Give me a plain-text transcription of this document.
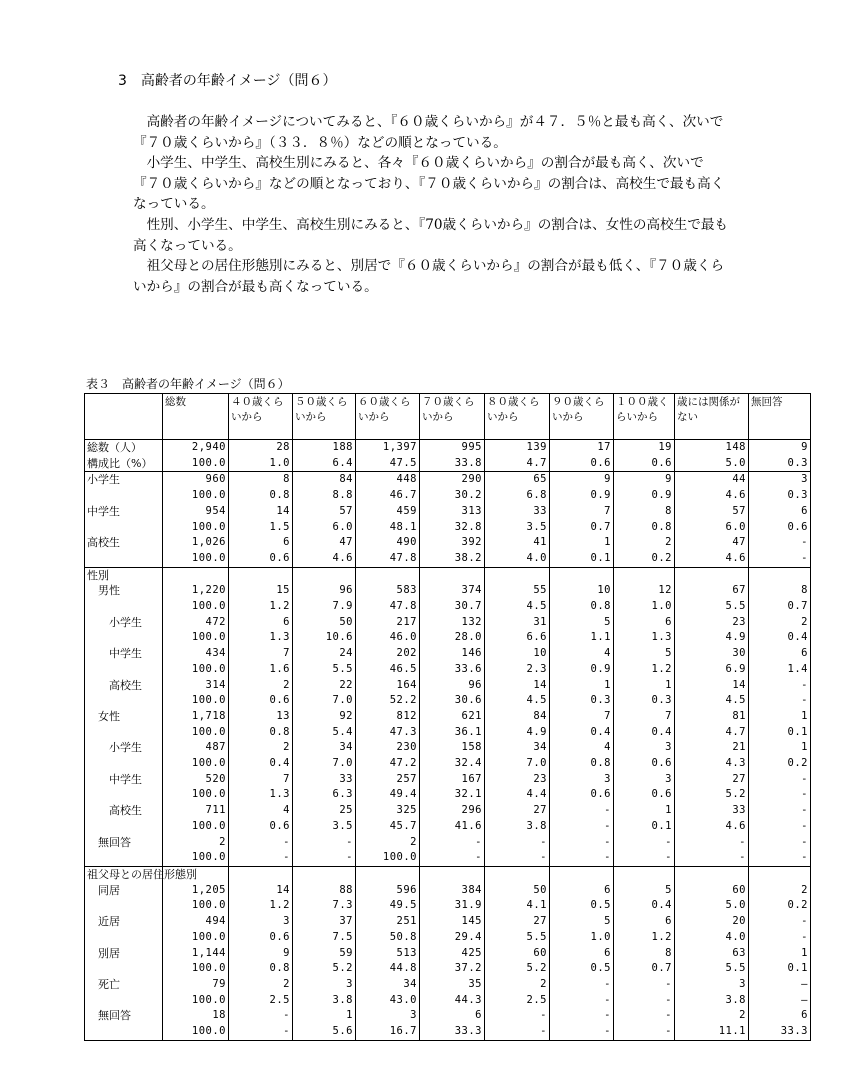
3　高齢者の年齢イメージ（問６）

高齢者の年齢イメージについてみると、『６０歳くらいから』が４７．５％と最も高く、次いで『７０歳くらいから』（３３．８％）などの順となっている。

小学生、中学生、高校生別にみると、各々『６０歳くらいから』の割合が最も高く、次いで『７０歳くらいから』などの順となっており、『７０歳くらいから』の割合は、高校生で最も高くなっている。

性別、小学生、中学生、高校生別にみると、『70歳くらいから』の割合は、女性の高校生で最も高くなっている。

祖父母との居住形態別にみると、別居で『６０歳くらいから』の割合が最も低く、『７０歳くらいから』の割合が最も高くなっている。

表３　高齢者の年齢イメージ（問６）
	総数	４０歳くらいから	５０歳くらいから	６０歳くらいから	７０歳くらいから	８０歳くらいから	９０歳くらいから	１００歳くらいから	歳には関係がない	無回答
総数（人）	2,940	28	188	1,397	995	139	17	19	148	9
構成比（%）	100.0	1.0	6.4	47.5	33.8	4.7	0.6	0.6	5.0	0.3
小学生	960	8	84	448	290	65	9	9	44	3
	100.0	0.8	8.8	46.7	30.2	6.8	0.9	0.9	4.6	0.3
中学生	954	14	57	459	313	33	7	8	57	6
	100.0	1.5	6.0	48.1	32.8	3.5	0.7	0.8	6.0	0.6
高校生	1,026	6	47	490	392	41	1	2	47	-
	100.0	0.6	4.6	47.8	38.2	4.0	0.1	0.2	4.6	-
性別										
　男性	1,220	15	96	583	374	55	10	12	67	8
	100.0	1.2	7.9	47.8	30.7	4.5	0.8	1.0	5.5	0.7
　　小学生	472	6	50	217	132	31	5	6	23	2
	100.0	1.3	10.6	46.0	28.0	6.6	1.1	1.3	4.9	0.4
　　中学生	434	7	24	202	146	10	4	5	30	6
	100.0	1.6	5.5	46.5	33.6	2.3	0.9	1.2	6.9	1.4
　　高校生	314	2	22	164	96	14	1	1	14	-
	100.0	0.6	7.0	52.2	30.6	4.5	0.3	0.3	4.5	-
　女性	1,718	13	92	812	621	84	7	7	81	1
	100.0	0.8	5.4	47.3	36.1	4.9	0.4	0.4	4.7	0.1
　　小学生	487	2	34	230	158	34	4	3	21	1
	100.0	0.4	7.0	47.2	32.4	7.0	0.8	0.6	4.3	0.2
　　中学生	520	7	33	257	167	23	3	3	27	-
	100.0	1.3	6.3	49.4	32.1	4.4	0.6	0.6	5.2	-
　　高校生	711	4	25	325	296	27	-	1	33	-
	100.0	0.6	3.5	45.7	41.6	3.8	-	0.1	4.6	-
　無回答	2	-	-	2	-	-	-	-	-	-
	100.0	-	-	100.0	-	-	-	-	-	-
祖父母との居住形態別										
　同居	1,205	14	88	596	384	50	6	5	60	2
	100.0	1.2	7.3	49.5	31.9	4.1	0.5	0.4	5.0	0.2
　近居	494	3	37	251	145	27	5	6	20	-
	100.0	0.6	7.5	50.8	29.4	5.5	1.0	1.2	4.0	-
　別居	1,144	9	59	513	425	60	6	8	63	1
	100.0	0.8	5.2	44.8	37.2	5.2	0.5	0.7	5.5	0.1
　死亡	79	2	3	34	35	2	-	-	3	—
	100.0	2.5	3.8	43.0	44.3	2.5	-	-	3.8	—
　無回答	18	-	1	3	6	-	-	-	2	6
	100.0	-	5.6	16.7	33.3	-	-	-	11.1	33.3
